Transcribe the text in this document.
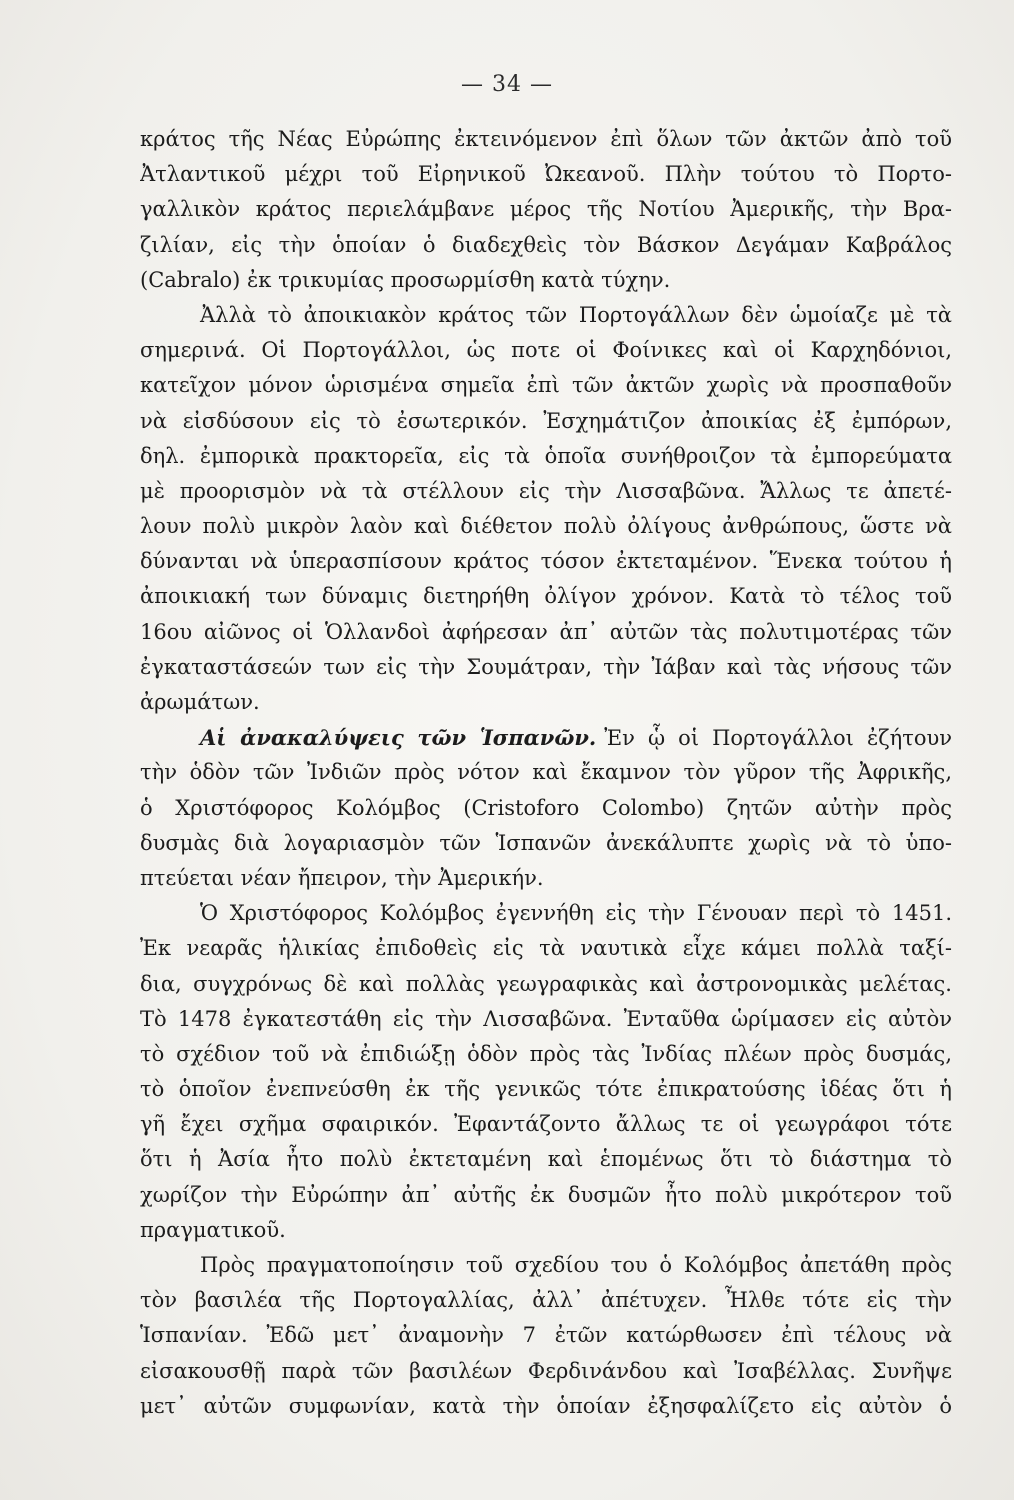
— 34 —
κράτος τῆς Νέας Εὐρώπης ἐκτεινόμενον ἐπὶ ὅλων τῶν ἀκτῶν ἀπὸ τοῦ
Ἀτλαντικοῦ μέχρι τοῦ Εἰρηνικοῦ Ὠκεανοῦ. Πλὴν τούτου τὸ Πορτο-
γαλλικὸν κράτος περιελάμβανε μέρος τῆς Νοτίου Ἀμερικῆς, τὴν Βρα-
ζιλίαν, εἰς τὴν ὁποίαν ὁ διαδεχθεὶς τὸν Βάσκον Δεγάμαν Καβράλος
(Cabralo) ἐκ τρικυμίας προσωρμίσθη κατὰ τύχην.
Ἀλλὰ τὸ ἀποικιακὸν κράτος τῶν Πορτογάλλων δὲν ὡμοίαζε μὲ τὰ
σημερινά. Οἱ Πορτογάλλοι, ὡς ποτε οἱ Φοίνικες καὶ οἱ Καρχηδόνιοι,
κατεῖχον μόνον ὡρισμένα σημεῖα ἐπὶ τῶν ἀκτῶν χωρὶς νὰ προσπαθοῦν
νὰ εἰσδύσουν εἰς τὸ ἐσωτερικόν. Ἐσχημάτιζον ἀποικίας ἐξ ἐμπόρων,
δηλ. ἐμπορικὰ πρακτορεῖα, εἰς τὰ ὁποῖα συνήθροιζον τὰ ἐμπορεύματα
μὲ προορισμὸν νὰ τὰ στέλλουν εἰς τὴν Λισσαβῶνα. Ἄλλως τε ἀπετέ-
λουν πολὺ μικρὸν λαὸν καὶ διέθετον πολὺ ὀλίγους ἀνθρώπους, ὥστε νὰ
δύνανται νὰ ὑπερασπίσουν κράτος τόσον ἐκτεταμένον. Ἕνεκα τούτου ἡ
ἀποικιακή των δύναμις διετηρήθη ὀλίγον χρόνον. Κατὰ τὸ τέλος τοῦ
16ου αἰῶνος οἱ Ὁλλανδοὶ ἀφήρεσαν ἀπ᾿ αὐτῶν τὰς πολυτιμοτέρας τῶν
ἐγκαταστάσεών των εἰς τὴν Σουμάτραν, τὴν Ἰάβαν καὶ τὰς νήσους τῶν
ἀρωμάτων.
Αἱ ἀνακαλύψεις τῶν Ἱσπανῶν. Ἐν ᾧ οἱ Πορτογάλλοι ἐζήτουν
τὴν ὁδὸν τῶν Ἰνδιῶν πρὸς νότον καὶ ἔκαμνον τὸν γῦρον τῆς Ἀφρικῆς,
ὁ Χριστόφορος Κολόμβος (Cristoforo Colombo) ζητῶν αὐτὴν πρὸς
δυσμὰς διὰ λογαριασμὸν τῶν Ἱσπανῶν ἀνεκάλυπτε χωρὶς νὰ τὸ ὑπο-
πτεύεται νέαν ἤπειρον, τὴν Ἀμερικήν.
Ὁ Χριστόφορος Κολόμβος ἐγεννήθη εἰς τὴν Γένουαν περὶ τὸ 1451.
Ἐκ νεαρᾶς ἡλικίας ἐπιδοθεὶς εἰς τὰ ναυτικὰ εἶχε κάμει πολλὰ ταξί-
δια, συγχρόνως δὲ καὶ πολλὰς γεωγραφικὰς καὶ ἀστρονομικὰς μελέτας.
Τὸ 1478 ἐγκατεστάθη εἰς τὴν Λισσαβῶνα. Ἐνταῦθα ὡρίμασεν εἰς αὐτὸν
τὸ σχέδιον τοῦ νὰ ἐπιδιώξῃ ὁδὸν πρὸς τὰς Ἰνδίας πλέων πρὸς δυσμάς,
τὸ ὁποῖον ἐνεπνεύσθη ἐκ τῆς γενικῶς τότε ἐπικρατούσης ἰδέας ὅτι ἡ
γῆ ἔχει σχῆμα σφαιρικόν. Ἐφαντάζοντο ἄλλως τε οἱ γεωγράφοι τότε
ὅτι ἡ Ἀσία ἦτο πολὺ ἐκτεταμένη καὶ ἑπομένως ὅτι τὸ διάστημα τὸ
χωρίζον τὴν Εὐρώπην ἀπ᾿ αὐτῆς ἐκ δυσμῶν ἦτο πολὺ μικρότερον τοῦ
πραγματικοῦ.
Πρὸς πραγματοποίησιν τοῦ σχεδίου του ὁ Κολόμβος ἀπετάθη πρὸς
τὸν βασιλέα τῆς Πορτογαλλίας, ἀλλ᾿ ἀπέτυχεν. Ἦλθε τότε εἰς τὴν
Ἱσπανίαν. Ἐδῶ μετ᾿ ἀναμονὴν 7 ἐτῶν κατώρθωσεν ἐπὶ τέλους νὰ
εἰσακουσθῇ παρὰ τῶν βασιλέων Φερδινάνδου καὶ Ἰσαβέλλας. Συνῆψε
μετ᾿ αὐτῶν συμφωνίαν, κατὰ τὴν ὁποίαν ἐξησφαλίζετο εἰς αὐτὸν ὁ
